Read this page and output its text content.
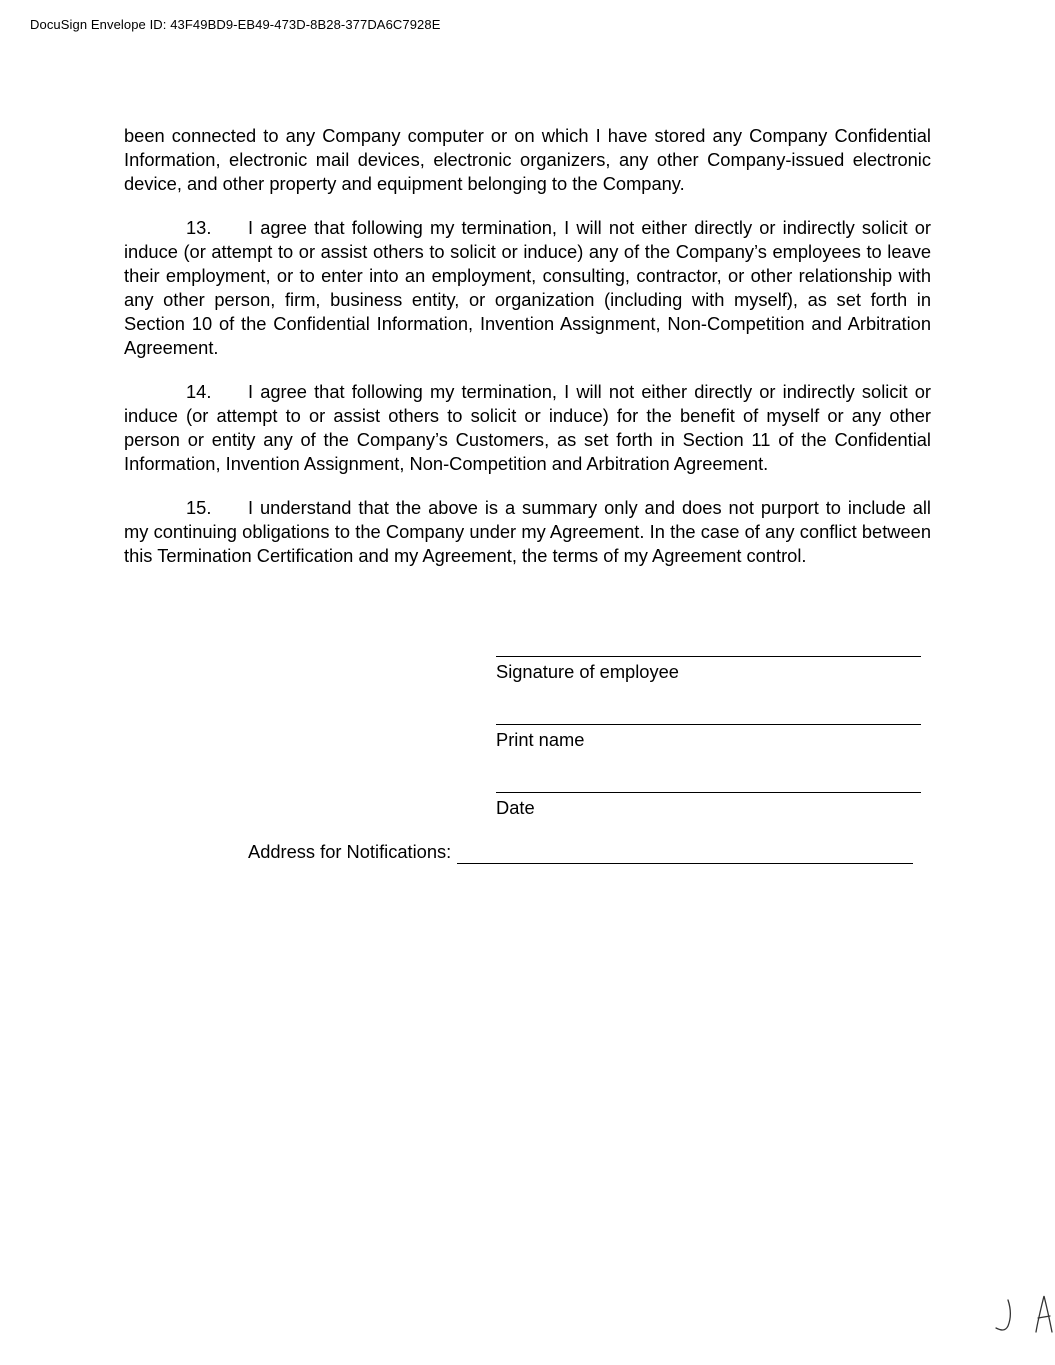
DocuSign Envelope ID: 43F49BD9-EB49-473D-8B28-377DA6C7928E

been connected to any Company computer or on which I have stored any Company Confidential Information, electronic mail devices, electronic organizers, any other Company-issued electronic device, and other property and equipment belonging to the Company.

13. I agree that following my termination, I will not either directly or indirectly solicit or induce (or attempt to or assist others to solicit or induce) any of the Company’s employees to leave their employment, or to enter into an employment, consulting, contractor, or other relationship with any other person, firm, business entity, or organization (including with myself), as set forth in Section 10 of the Confidential Information, Invention Assignment, Non-Competition and Arbitration Agreement.

14. I agree that following my termination, I will not either directly or indirectly solicit or induce (or attempt to or assist others to solicit or induce) for the benefit of myself or any other person or entity any of the Company’s Customers, as set forth in Section 11 of the Confidential Information, Invention Assignment, Non-Competition and Arbitration Agreement.

15. I understand that the above is a summary only and does not purport to include all my continuing obligations to the Company under my Agreement. In the case of any conflict between this Termination Certification and my Agreement, the terms of my Agreement control.

Signature of employee
Print name
Date
Address for Notifications:
